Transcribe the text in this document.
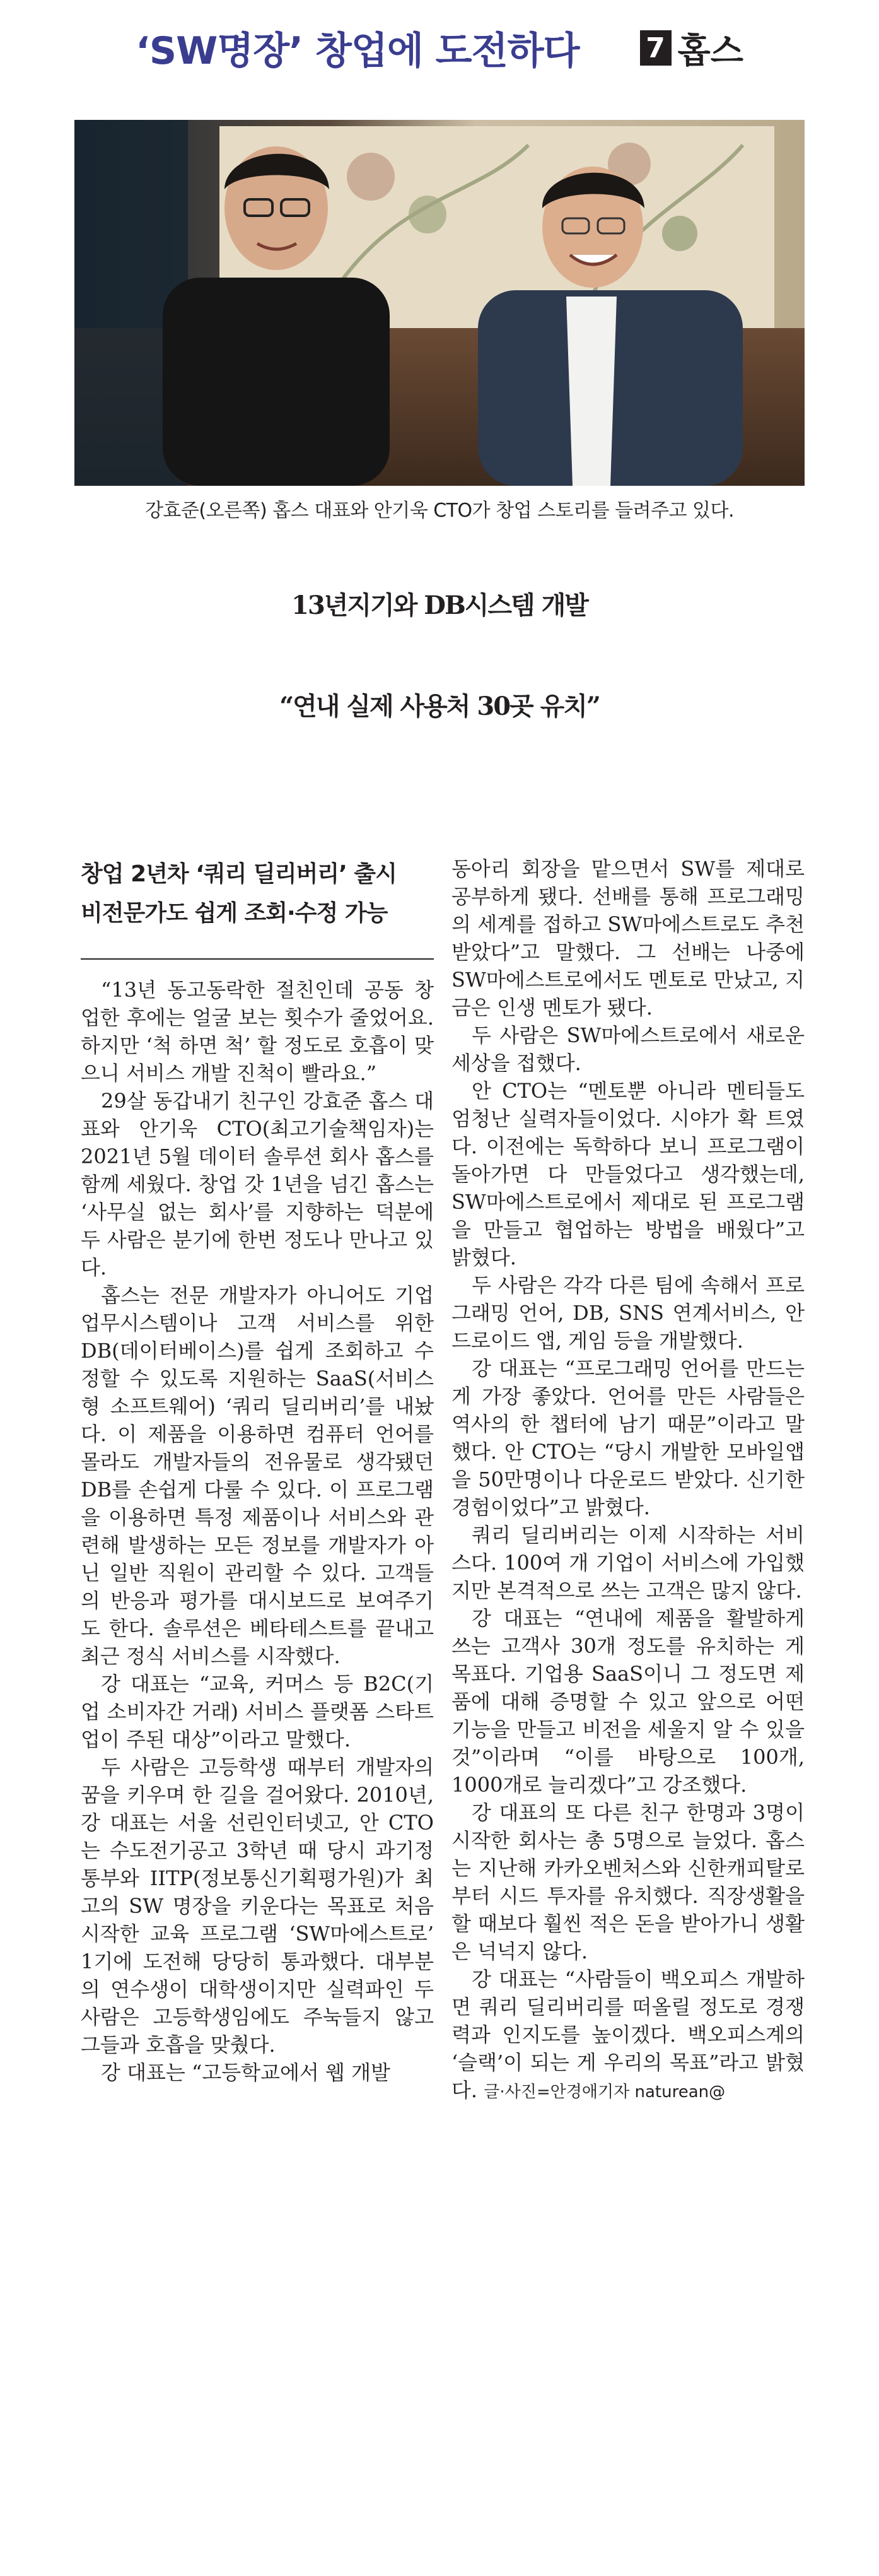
‘SW명장’ 창업에 도전하다 7 홉스
강효준(오른쪽) 홉스 대표와 안기욱 CTO가 창업 스토리를 들려주고 있다.
13년지기와 DB시스템 개발
“연내 실제 사용처 30곳 유치”
창업 2년차 ‘쿼리 딜리버리’ 출시
비전문가도 쉽게 조회·수정 가능

“13년 동고동락한 절친인데 공동 창업한 후에는 얼굴 보는 횟수가 줄었어요. 하지만 ‘척 하면 척’ 할 정도로 호흡이 맞으니 서비스 개발 진척이 빨라요.”

29살 동갑내기 친구인 강효준 홉스 대표와 안기욱 CTO(최고기술책임자)는 2021년 5월 데이터 솔루션 회사 홉스를 함께 세웠다. 창업 갓 1년을 넘긴 홉스는 ‘사무실 없는 회사’를 지향하는 덕분에 두 사람은 분기에 한번 정도나 만나고 있다.

홉스는 전문 개발자가 아니어도 기업 업무시스템이나 고객 서비스를 위한 DB(데이터베이스)를 쉽게 조회하고 수정할 수 있도록 지원하는 SaaS(서비스형 소프트웨어) ‘쿼리 딜리버리’를 내놨다. 이 제품을 이용하면 컴퓨터 언어를 몰라도 개발자들의 전유물로 생각됐던 DB를 손쉽게 다룰 수 있다. 이 프로그램을 이용하면 특정 제품이나 서비스와 관련해 발생하는 모든 정보를 개발자가 아닌 일반 직원이 관리할 수 있다. 고객들의 반응과 평가를 대시보드로 보여주기도 한다. 솔루션은 베타테스트를 끝내고 최근 정식 서비스를 시작했다.

강 대표는 “교육, 커머스 등 B2C(기업 소비자간 거래) 서비스 플랫폼 스타트업이 주된 대상”이라고 말했다.

두 사람은 고등학생 때부터 개발자의 꿈을 키우며 한 길을 걸어왔다. 2010년, 강 대표는 서울 선린인터넷고, 안 CTO는 수도전기공고 3학년 때 당시 과기정통부와 IITP(정보통신기획평가원)가 최고의 SW 명장을 키운다는 목표로 처음 시작한 교육 프로그램 ‘SW마에스트로’ 1기에 도전해 당당히 통과했다. 대부분의 연수생이 대학생이지만 실력파인 두 사람은 고등학생임에도 주눅들지 않고 그들과 호흡을 맞췄다.

강 대표는 “고등학교에서 웹 개발

동아리 회장을 맡으면서 SW를 제대로 공부하게 됐다. 선배를 통해 프로그래밍의 세계를 접하고 SW마에스트로도 추천 받았다”고 말했다. 그 선배는 나중에 SW마에스트로에서도 멘토로 만났고, 지금은 인생 멘토가 됐다.

두 사람은 SW마에스트로에서 새로운 세상을 접했다.

안 CTO는 “멘토뿐 아니라 멘티들도 엄청난 실력자들이었다. 시야가 확 트였다. 이전에는 독학하다 보니 프로그램이 돌아가면 다 만들었다고 생각했는데, SW마에스트로에서 제대로 된 프로그램을 만들고 협업하는 방법을 배웠다”고 밝혔다.

두 사람은 각각 다른 팀에 속해서 프로그래밍 언어, DB, SNS 연계서비스, 안드로이드 앱, 게임 등을 개발했다.

강 대표는 “프로그래밍 언어를 만드는 게 가장 좋았다. 언어를 만든 사람들은 역사의 한 챕터에 남기 때문”이라고 말했다. 안 CTO는 “당시 개발한 모바일앱을 50만명이나 다운로드 받았다. 신기한 경험이었다”고 밝혔다.

쿼리 딜리버리는 이제 시작하는 서비스다. 100여 개 기업이 서비스에 가입했지만 본격적으로 쓰는 고객은 많지 않다.

강 대표는 “연내에 제품을 활발하게 쓰는 고객사 30개 정도를 유치하는 게 목표다. 기업용 SaaS이니 그 정도면 제품에 대해 증명할 수 있고 앞으로 어떤 기능을 만들고 비전을 세울지 알 수 있을 것”이라며 “이를 바탕으로 100개, 1000개로 늘리겠다”고 강조했다.

강 대표의 또 다른 친구 한명과 3명이 시작한 회사는 총 5명으로 늘었다. 홉스는 지난해 카카오벤처스와 신한캐피탈로부터 시드 투자를 유치했다. 직장생활을 할 때보다 훨씬 적은 돈을 받아가니 생활은 넉넉지 않다.

강 대표는 “사람들이 백오피스 개발하면 쿼리 딜리버리를 떠올릴 정도로 경쟁력과 인지도를 높이겠다. 백오피스계의 ‘슬랙’이 되는 게 우리의 목표”라고 밝혔다. 글·사진=안경애기자 naturean@
